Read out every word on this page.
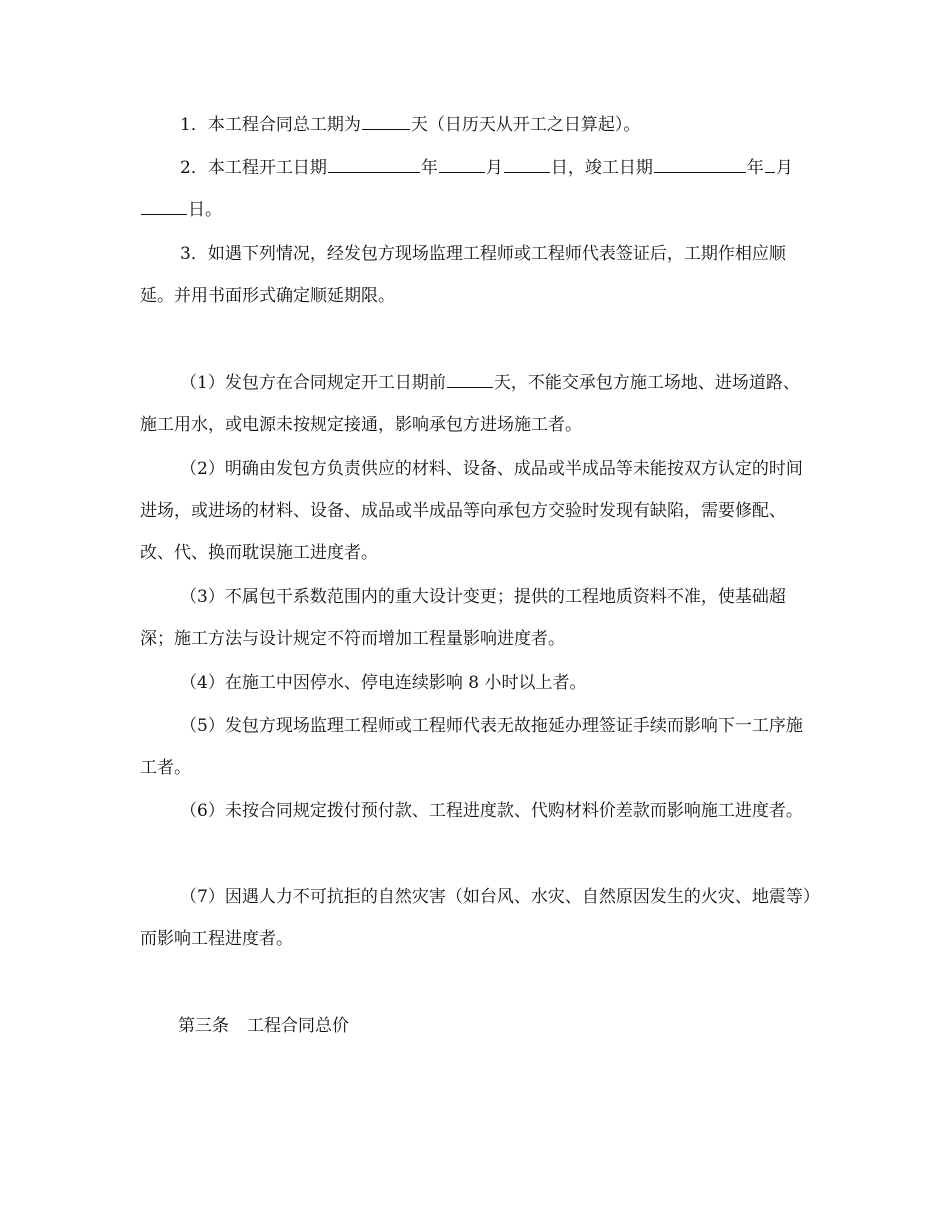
1．本工程合同总工期为	天（日历天从开工之日算起）。

2．本工程开工日期	年	月	日，竣工日期	年 月日。

3．如遇下列情况，经发包方现场监理工程师或工程师代表签证后，工期作相应顺延。并用书面形式确定顺延期限。

（1）发包方在合同规定开工日期前	天，不能交承包方施工场地、进场道路、施工用水，或电源未按规定接通，影响承包方进场施工者。

（2）明确由发包方负责供应的材料、设备、成品或半成品等未能按双方认定的时间进场，或进场的材料、设备、成品或半成品等向承包方交验时发现有缺陷，需要修配、改、代、换而耽误施工进度者。

（3）不属包干系数范围内的重大设计变更；提供的工程地质资料不准，使基础超深；施工方法与设计规定不符而增加工程量影响进度者。

（4）在施工中因停水、停电连续影响 8 小时以上者。

（5）发包方现场监理工程师或工程师代表无故拖延办理签证手续而影响下一工序施工者。

（6）未按合同规定拨付预付款、工程进度款、代购材料价差款而影响施工进度者。

（7）因遇人力不可抗拒的自然灾害（如台风、水灾、自然原因发生的火灾、地震等）而影响工程进度者。

第三条 工程合同总价
